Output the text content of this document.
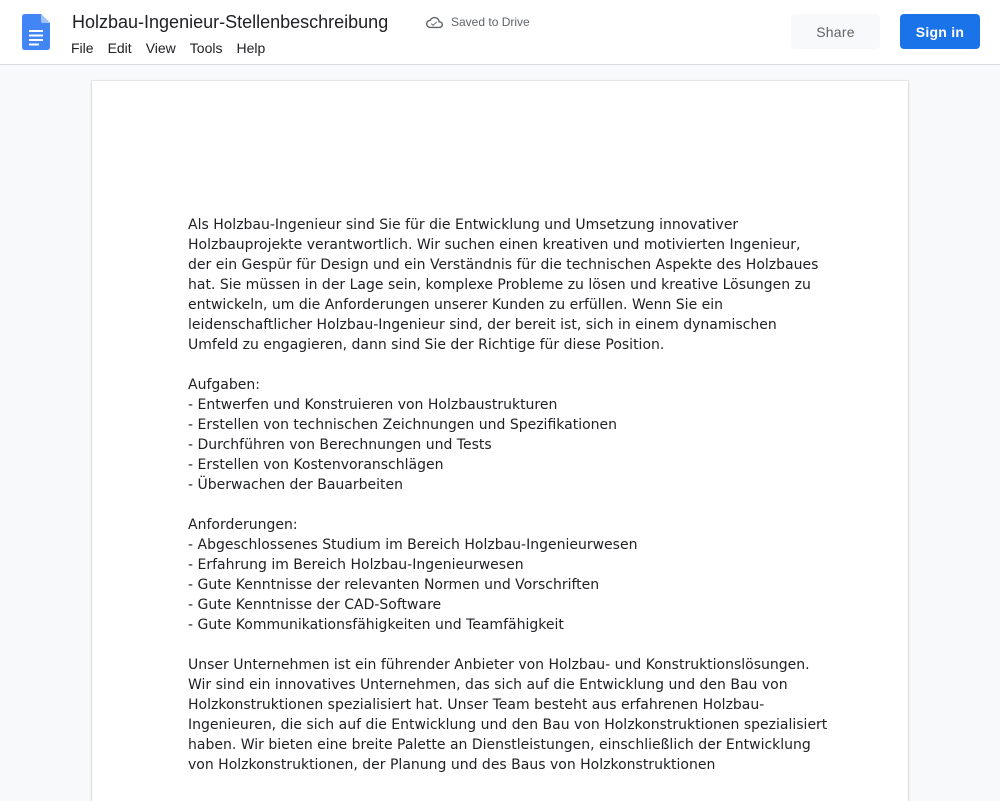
Holzbau-Ingenieur-Stellenbeschreibung	Saved to Drive
File	Edit	View	Tools	Help
Share	Sign in

Als Holzbau-Ingenieur sind Sie für die Entwicklung und Umsetzung innovativer Holzbauprojekte verantwortlich. Wir suchen einen kreativen und motivierten Ingenieur, der ein Gespür für Design und ein Verständnis für die technischen Aspekte des Holzbaues hat. Sie müssen in der Lage sein, komplexe Probleme zu lösen und kreative Lösungen zu entwickeln, um die Anforderungen unserer Kunden zu erfüllen. Wenn Sie ein leidenschaftlicher Holzbau-Ingenieur sind, der bereit ist, sich in einem dynamischen Umfeld zu engagieren, dann sind Sie der Richtige für diese Position.

Aufgaben:

- Entwerfen und Konstruieren von Holzbaustrukturen
- Erstellen von technischen Zeichnungen und Spezifikationen
- Durchführen von Berechnungen und Tests
- Erstellen von Kostenvoranschlägen
- Überwachen der Bauarbeiten

Anforderungen:

- Abgeschlossenes Studium im Bereich Holzbau-Ingenieurwesen
- Erfahrung im Bereich Holzbau-Ingenieurwesen
- Gute Kenntnisse der relevanten Normen und Vorschriften
- Gute Kenntnisse der CAD-Software
- Gute Kommunikationsfähigkeiten und Teamfähigkeit

Unser Unternehmen ist ein führender Anbieter von Holzbau- und Konstruktionslösungen. Wir sind ein innovatives Unternehmen, das sich auf die Entwicklung und den Bau von Holzkonstruktionen spezialisiert hat. Unser Team besteht aus erfahrenen Holzbau-Ingenieuren, die sich auf die Entwicklung und den Bau von Holzkonstruktionen spezialisiert haben. Wir bieten eine breite Palette an Dienstleistungen, einschließlich der Entwicklung von Holzkonstruktionen, der Planung und des Baus von Holzkonstruktionen
